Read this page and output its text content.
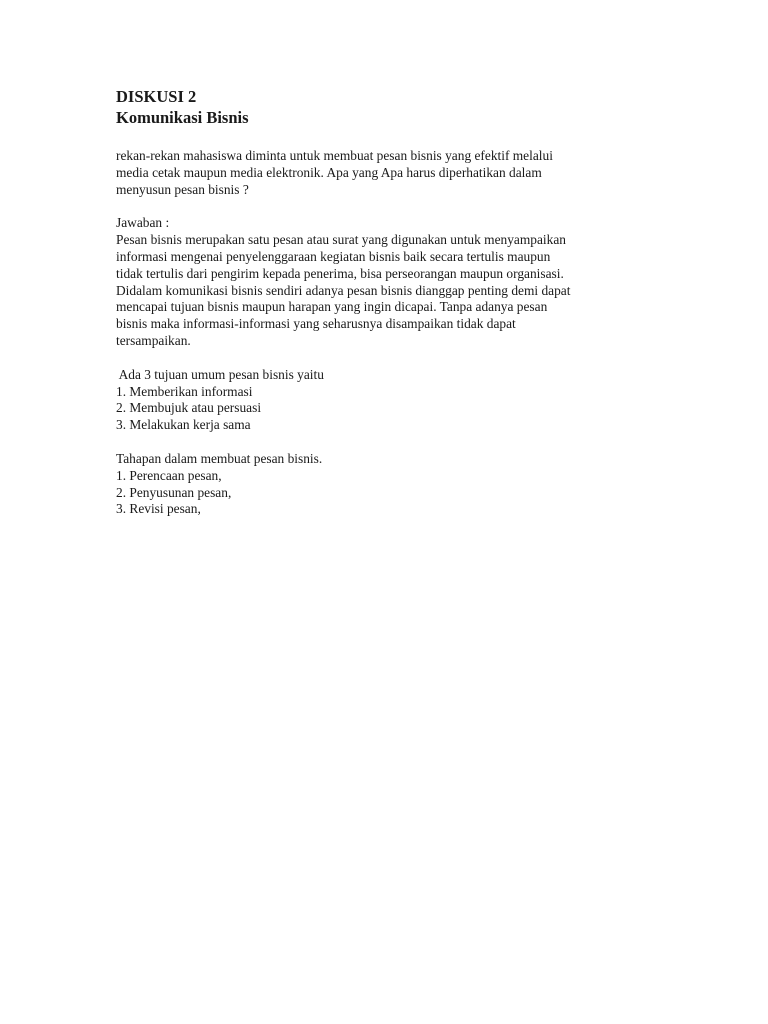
DISKUSI 2
Komunikasi Bisnis

rekan-rekan mahasiswa diminta untuk membuat pesan bisnis yang efektif melalui
media cetak maupun media elektronik. Apa yang Apa harus diperhatikan dalam
menyusun pesan bisnis ?

Jawaban :
Pesan bisnis merupakan satu pesan atau surat yang digunakan untuk menyampaikan
informasi mengenai penyelenggaraan kegiatan bisnis baik secara tertulis maupun
tidak tertulis dari pengirim kepada penerima, bisa perseorangan maupun organisasi.
Didalam komunikasi bisnis sendiri adanya pesan bisnis dianggap penting demi dapat
mencapai tujuan bisnis maupun harapan yang ingin dicapai. Tanpa adanya pesan
bisnis maka informasi-informasi yang seharusnya disampaikan tidak dapat
tersampaikan.

Ada 3 tujuan umum pesan bisnis yaitu
1. Memberikan informasi
2. Membujuk atau persuasi
3. Melakukan kerja sama

Tahapan dalam membuat pesan bisnis.
1. Perencaan pesan,
2. Penyusunan pesan,
3. Revisi pesan,
